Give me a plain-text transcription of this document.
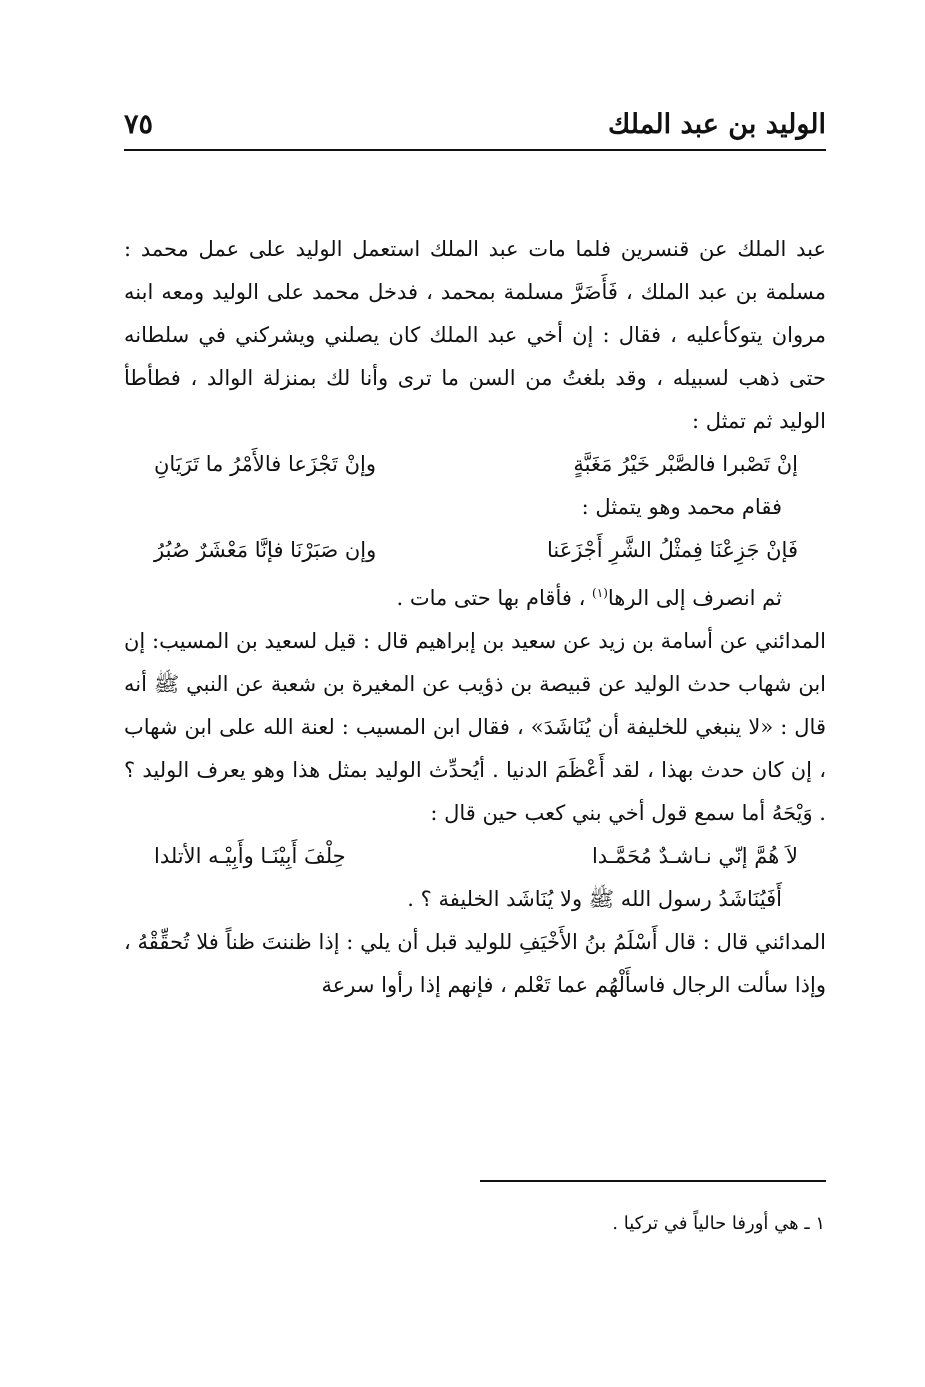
الوليد بن عبد الملك
٧٥

عبد الملك عن قنسرين فلما مات عبد الملك استعمل الوليد على عمل محمد : مسلمة بن عبد الملك ، فَأَضَرَّ مسلمة بمحمد ، فدخل محمد على الوليد ومعه ابنه مروان يتوكأعليه ، فقال : إن أخي عبد الملك كان يصلني ويشركني في سلطانه حتى ذهب لسبيله ، وقد بلغتُ من السن ما ترى وأنا لك بمنزلة الوالد ، فطأطأ الوليد ثم تمثل :

إنْ تَصْبرا فالصَّبْر خَيْرُ مَغَبَّةٍ
وإنْ تَجْزَعا فالأَمْرُ ما تَرَيَانِ

فقام محمد وهو يتمثل :

فَإنْ جَزِعْنَا فِمثْلُ الشَّرِ أَجْزَعَنا
وإن صَبَرْنَا فإنَّا مَعْشَرٌ صُبُرُ

ثم انصرف إلى الرها$^{(١)}$ ، فأقام بها حتى مات .

المدائني عن أسامة بن زيد عن سعيد بن إبراهيم قال : قيل لسعيد بن المسيب: إن ابن شهاب حدث الوليد عن قبيصة بن ذؤيب عن المغيرة بن شعبة عن النبي ﷺ أنه قال : «لا ينبغي للخليفة أن يُنَاشَدَ» ، فقال ابن المسيب : لعنة الله على ابن شهاب ، إن كان حدث بهذا ، لقد أَعْظَمَ الدنيا . أيُحدِّث الوليد بمثل هذا وهو يعرف الوليد ؟ . وَيْحَهُ أما سمع قول أخي بني كعب حين قال :

لاَ هُمَّ إنّي نـاشـدٌ مُحَمَّـدا
حِلْفَ أَبِيْنَـا وأَبِيْـه الأتلدا

أَفَيُنَاشَدُ رسول الله ﷺ ولا يُنَاشَد الخليفة ؟ .

المدائني قال : قال أَسْلَمُ بنُ الأَخْيَفِ للوليد قبل أن يلي : إذا ظننتَ ظناً فلا تُحقِّقْهُ ، وإذا سألت الرجال فاسأَلْهُم عما تَعْلم ، فإنهم إذا رأوا سرعة

١ ـ هي أورفا حالياً في تركيا .
